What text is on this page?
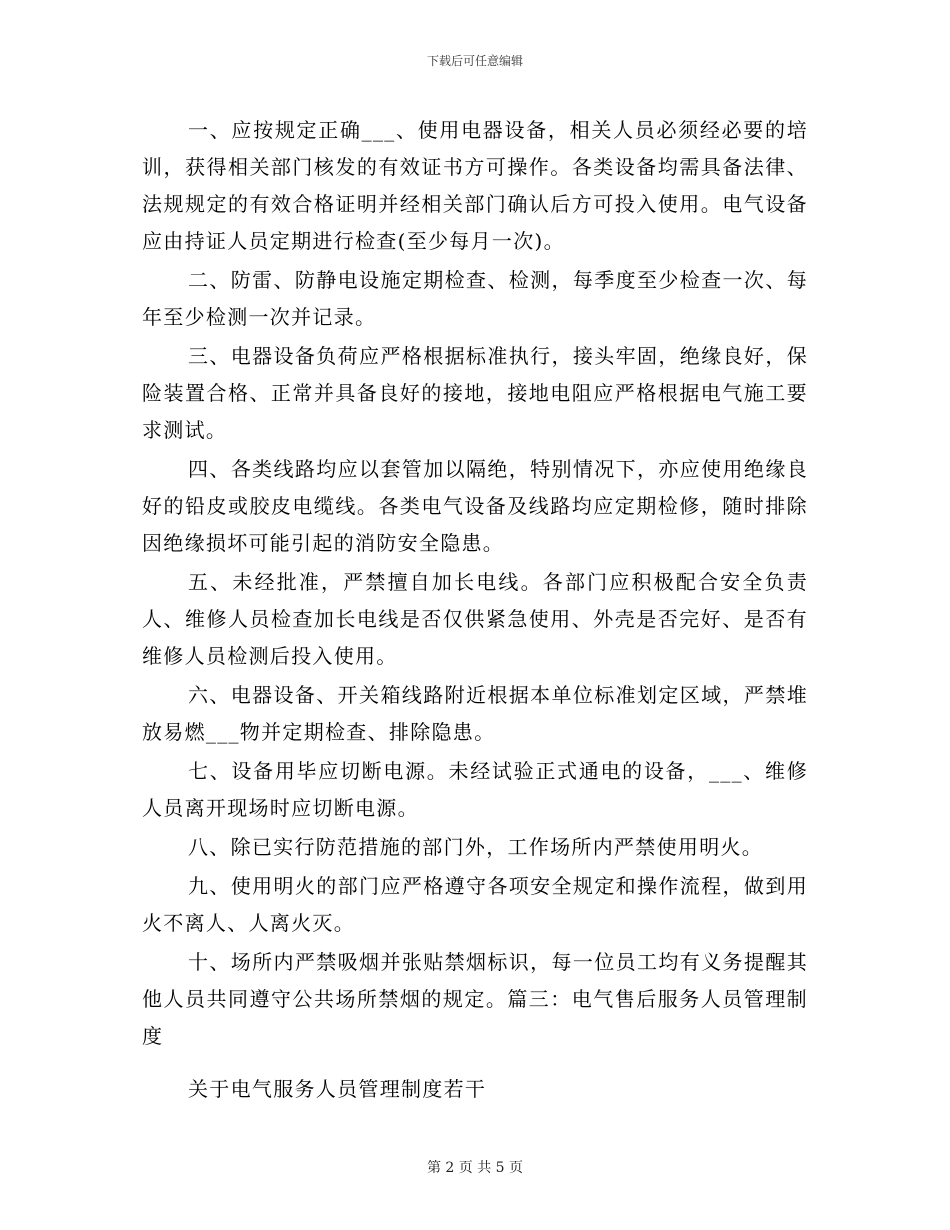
下载后可任意编辑

一、应按规定正确___、使用电器设备，相关人员必须经必要的培训，获得相关部门核发的有效证书方可操作。各类设备均需具备法律、法规规定的有效合格证明并经相关部门确认后方可投入使用。电气设备应由持证人员定期进行检查(至少每月一次)。

二、防雷、防静电设施定期检查、检测，每季度至少检查一次、每年至少检测一次并记录。

三、电器设备负荷应严格根据标准执行，接头牢固，绝缘良好，保险装置合格、正常并具备良好的接地，接地电阻应严格根据电气施工要求测试。

四、各类线路均应以套管加以隔绝，特别情况下，亦应使用绝缘良好的铅皮或胶皮电缆线。各类电气设备及线路均应定期检修，随时排除因绝缘损坏可能引起的消防安全隐患。

五、未经批准，严禁擅自加长电线。各部门应积极配合安全负责人、维修人员检查加长电线是否仅供紧急使用、外壳是否完好、是否有维修人员检测后投入使用。

六、电器设备、开关箱线路附近根据本单位标准划定区域，严禁堆放易燃___物并定期检查、排除隐患。

七、设备用毕应切断电源。未经试验正式通电的设备，___、维修人员离开现场时应切断电源。

八、除已实行防范措施的部门外，工作场所内严禁使用明火。

九、使用明火的部门应严格遵守各项安全规定和操作流程，做到用火不离人、人离火灭。

十、场所内严禁吸烟并张贴禁烟标识，每一位员工均有义务提醒其他人员共同遵守公共场所禁烟的规定。篇三：电气售后服务人员管理制度

关于电气服务人员管理制度若干

第 2 页 共 5 页
